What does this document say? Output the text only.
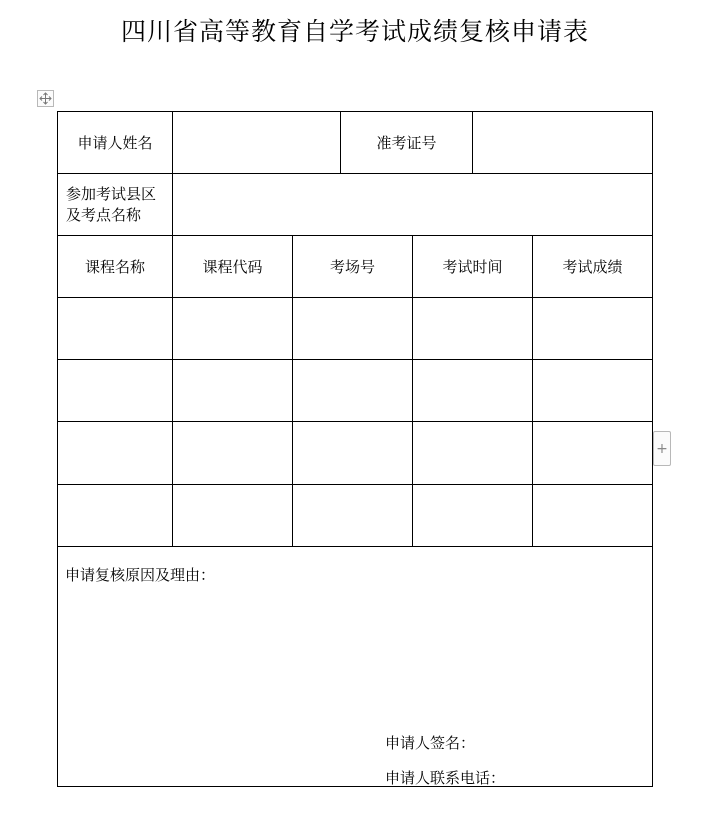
四川省高等教育自学考试成绩复核申请表
+
申请人姓名	准考证号
参加考试县区
及考点名称
课程名称	课程代码	考场号	考试时间	考试成绩
申请复核原因及理由：
申请人签名：
申请人联系电话：
